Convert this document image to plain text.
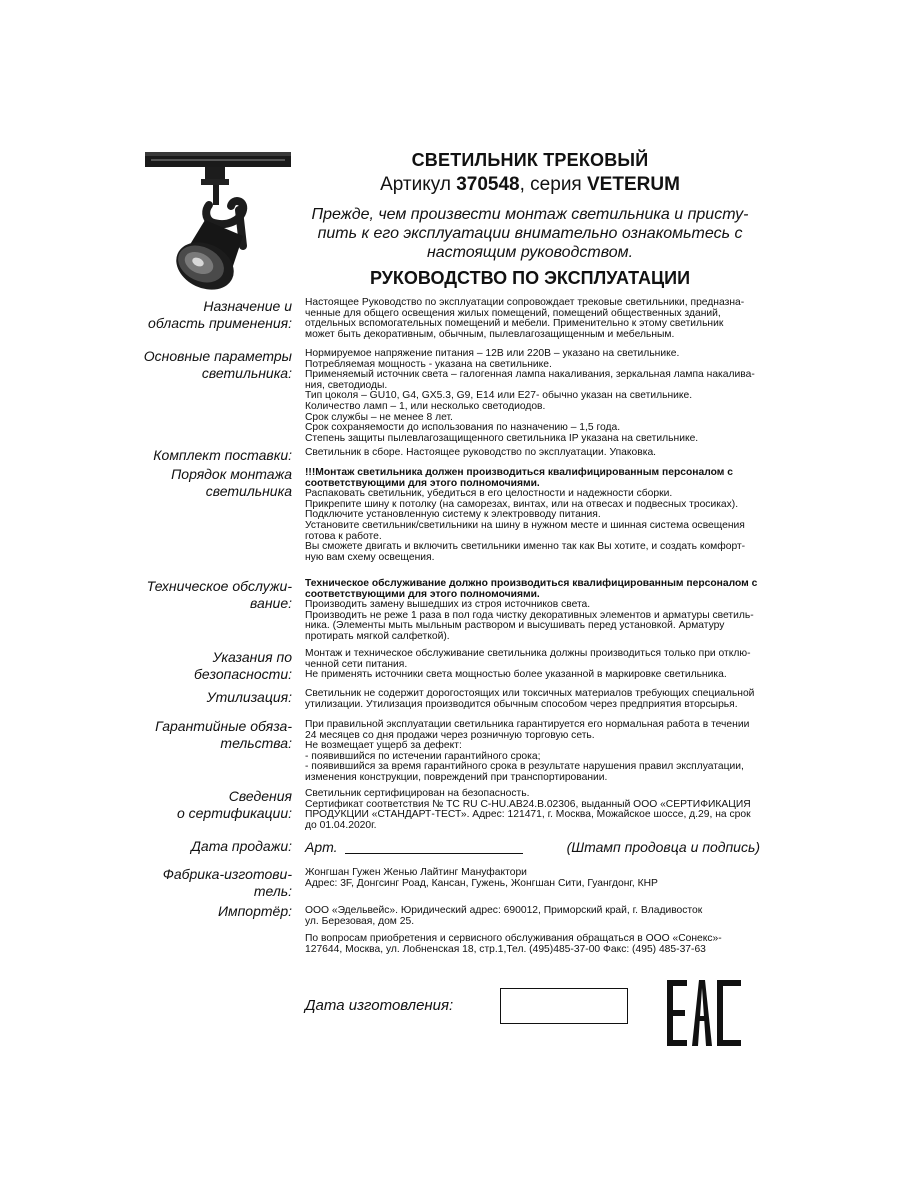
СВЕТИЛЬНИК ТРЕКОВЫЙ
Артикул 370548, серия VETERUM
Прежде, чем произвести монтаж светильника и присту-пить к его эксплуатации внимательно ознакомьтесь с настоящим руководством.
РУКОВОДСТВО ПО ЭКСПЛУАТАЦИИ
Назначение и
область применения:

Настоящее Руководство по эксплуатации сопровождает трековые светильники, предназна-

ченные для общего освещения жилых помещений, помещений общественных зданий,

отдельных вспомогательных помещений и мебели. Применительно к этому светильник

может быть декоративным, обычным, пылевлагозащищенным и мебельным.

Основные параметры
светильника:

Нормируемое напряжение питания – 12В или 220В – указано на светильнике.

Потребляемая мощность - указана на светильнике.

Применяемый источник света – галогенная лампа накаливания, зеркальная лампа накалива-

ния, светодиоды.

Тип цоколя – GU10, G4, GX5.3, G9, E14 или E27- обычно указан на светильнике.

Количество ламп – 1, или несколько светодиодов.

Срок службы – не менее 8 лет.

Срок сохраняемости до использования по назначению – 1,5 года.

Степень защиты пылевлагозащищенного светильника IP указана на светильнике.

Комплект поставки: Светильник в сборе. Настоящее руководство по эксплуатации. Упаковка.

Порядок монтажа
светильника

!!!Монтаж светильника должен производиться квалифицированным персоналом с

соответствующими для этого полномочиями.

Распаковать светильник, убедиться в его целостности и надежности сборки.

Прикрепите шину к потолку (на саморезах, винтах, или на отвесах и подвесных тросиках).

Подключите установленную систему к электровводу питания.

Установите светильник/светильники на шину в нужном месте и шинная система освещения

готова к работе.

Вы сможете двигать и включить светильники именно так как Вы хотите, и создать комфорт-

ную вам схему освещения.

Техническое обслужи-
вание:

Техническое обслуживание должно производиться квалифицированным персоналом с

соответствующими для этого полномочиями.

Производить замену вышедших из строя источников света.

Производить не реже 1 раза в пол года чистку декоративных элементов и арматуры светиль-

ника. (Элементы мыть мыльным раствором и высушивать перед установкой. Арматуру

протирать мягкой салфеткой).

Указания по
безопасности:

Монтаж и техническое обслуживание светильника должны производиться только при отклю-

ченной сети питания.

Не применять источники света мощностью более указанной в маркировке светильника.

Утилизация: Светильник не содержит дорогостоящих или токсичных материалов требующих специальной

утилизации. Утилизация производится обычным способом через предприятия вторсырья.

Гарантийные обяза-
тельства:

При правильной эксплуатации светильника гарантируется его нормальная работа в течении

24 месяцев со дня продажи через розничную торговую сеть.

Не возмещает ущерб за дефект:

- появившийся по истечении гарантийного срока;

- появившийся за время гарантийного срока в результате нарушения правил эксплуатации,

изменения конструкции, повреждений при транспортировании.

Сведения
о сертификации:

Светильник сертифицирован на безопасность.

Сертификат соответствия № ТС RU C-HU.AB24.B.02306, выданный ООО «СЕРТИФИКАЦИЯ

ПРОДУКЦИИ «СТАНДАРТ-ТЕСТ». Адрес: 121471, г. Москва, Можайское шоссе, д.29, на срок

до 01.04.2020г.

Дата продажи: Арт.	(Штамп продовца и подпись)
Фабрика-изготови-
тель:

Жонгшан Гужен Женью Лайтинг Мануфактори

Адрес: 3F, Донгсинг Роад, Кансан, Гужень, Жонгшан Сити, Гуангдонг, КНР

Импортёр: ООО «Эдельвейс». Юридический адрес: 690012, Приморский край, г. Владивосток

ул. Березовая, дом 25.

По вопросам приобретения и сервисного обслуживания обращаться в ООО «Сонекс»-

127644, Москва, ул. Лобненская 18, стр.1,Тел. (495)485-37-00 Факс: (495) 485-37-63

Дата изготовления:
